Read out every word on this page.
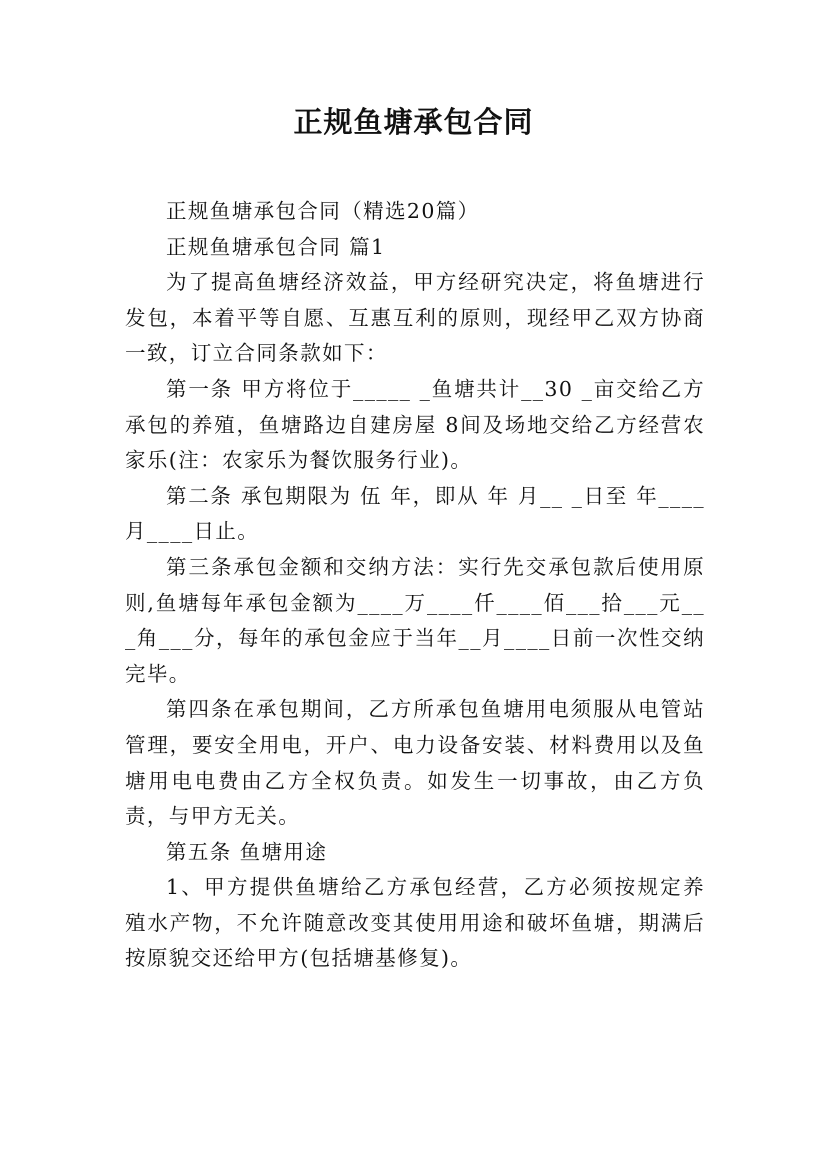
正规鱼塘承包合同

正规鱼塘承包合同（精选20篇）

正规鱼塘承包合同 篇1

为了提高鱼塘经济效益，甲方经研究决定，将鱼塘进行发包，本着平等自愿、互惠互利的原则，现经甲乙双方协商一致，订立合同条款如下：

第一条 甲方将位于_____ _鱼塘共计__30 _亩交给乙方承包的养殖，鱼塘路边自建房屋 8间及场地交给乙方经营农家乐(注：农家乐为餐饮服务行业)。

第二条 承包期限为 伍 年，即从 年 月__ _日至 年____月____日止。

第三条承包金额和交纳方法：实行先交承包款后使用原则,鱼塘每年承包金额为____万____仟____佰___拾___元___角___分，每年的承包金应于当年__月____日前一次性交纳完毕。

第四条在承包期间，乙方所承包鱼塘用电须服从电管站管理，要安全用电，开户、电力设备安装、材料费用以及鱼塘用电电费由乙方全权负责。如发生一切事故，由乙方负责，与甲方无关。

第五条 鱼塘用途

1、甲方提供鱼塘给乙方承包经营，乙方必须按规定养殖水产物，不允许随意改变其使用用途和破坏鱼塘，期满后按原貌交还给甲方(包括塘基修复)。
